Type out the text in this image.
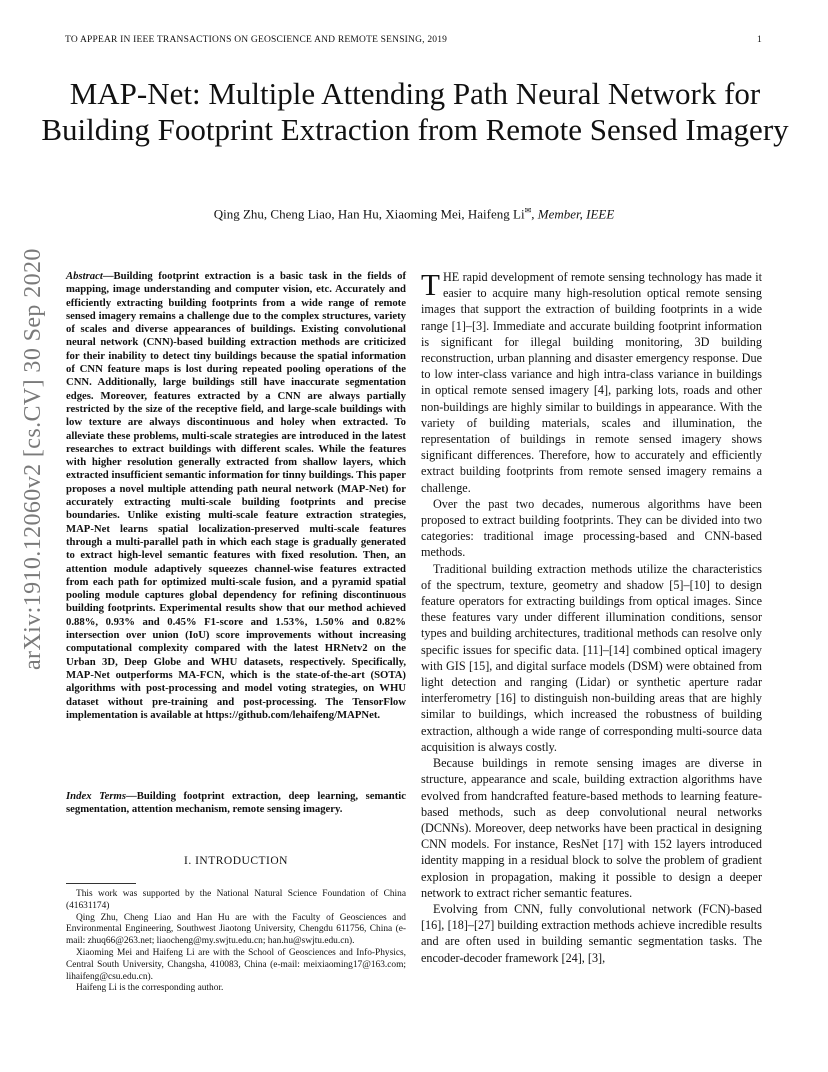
TO APPEAR IN IEEE TRANSACTIONS ON GEOSCIENCE AND REMOTE SENSING, 2019	1
MAP-Net: Multiple Attending Path Neural Network for Building Footprint Extraction from Remote Sensed Imagery
Qing Zhu, Cheng Liao, Han Hu, Xiaoming Mei, Haifeng Li✉, Member, IEEE
arXiv:1910.12060v2 [cs.CV] 30 Sep 2020 Abstract—Building footprint extraction is a basic task in the fields of mapping, image understanding and computer vision, etc. Accurately and efficiently extracting building footprints from a wide range of remote sensed imagery remains a challenge due to the complex structures, variety of scales and diverse appearances of buildings. Existing convolutional neural network (CNN)-based building extraction methods are criticized for their inability to detect tiny buildings because the spatial information of CNN feature maps is lost during repeated pooling operations of the CNN. Additionally, large buildings still have inaccurate segmentation edges. Moreover, features extracted by a CNN are always partially restricted by the size of the receptive field, and large-scale buildings with low texture are always discontinuous and holey when extracted. To alleviate these problems, multi-scale strategies are introduced in the latest researches to extract buildings with different scales. While the features with higher resolution generally extracted from shallow layers, which extracted insufficient semantic information for tinny buildings. This paper proposes a novel multiple attending path neural network (MAP-Net) for accurately extracting multi-scale building footprints and precise boundaries. Unlike existing multi-scale feature extraction strategies, MAP-Net learns spatial localization-preserved multi-scale features through a multi-parallel path in which each stage is gradually generated to extract high-level semantic features with fixed resolution. Then, an attention module adaptively squeezes channel-wise features extracted from each path for optimized multi-scale fusion, and a pyramid spatial pooling module captures global dependency for refining discontinuous building footprints. Experimental results show that our method achieved 0.88%, 0.93% and 0.45% F1-score and 1.53%, 1.50% and 0.82% intersection over union (IoU) score improvements without increasing computational complexity compared with the latest HRNetv2 on the Urban 3D, Deep Globe and WHU datasets, respectively. Specifically, MAP-Net outperforms MA-FCN, which is the state-of-the-art (SOTA) algorithms with post-processing and model voting strategies, on WHU dataset without pre-training and post-processing. The TensorFlow implementation is available at https://github.com/lehaifeng/MAPNet.
Index Terms—Building footprint extraction, deep learning, semantic segmentation, attention mechanism, remote sensing imagery.
I. INTRODUCTION

This work was supported by the National Natural Science Foundation of China (41631174)

Qing Zhu, Cheng Liao and Han Hu are with the Faculty of Geosciences and Environmental Engineering, Southwest Jiaotong University, Chengdu 611756, China (e-mail: zhuq66@263.net; liaocheng@my.swjtu.edu.cn; han.hu@swjtu.edu.cn).

Xiaoming Mei and Haifeng Li are with the School of Geosciences and Info-Physics, Central South University, Changsha, 410083, China (e-mail: meixiaoming17@163.com; lihaifeng@csu.edu.cn).

Haifeng Li is the corresponding author.

THE rapid development of remote sensing technology has made it easier to acquire many high-resolution optical remote sensing images that support the extraction of building footprints in a wide range [1]–[3]. Immediate and accurate building footprint information is significant for illegal building monitoring, 3D building reconstruction, urban planning and disaster emergency response. Due to low inter-class variance and high intra-class variance in buildings in optical remote sensed imagery [4], parking lots, roads and other non-buildings are highly similar to buildings in appearance. With the variety of building materials, scales and illumination, the representation of buildings in remote sensed imagery shows significant differences. Therefore, how to accurately and efficiently extract building footprints from remote sensed imagery remains a challenge.

Over the past two decades, numerous algorithms have been proposed to extract building footprints. They can be divided into two categories: traditional image processing-based and CNN-based methods.

Traditional building extraction methods utilize the characteristics of the spectrum, texture, geometry and shadow [5]–[10] to design feature operators for extracting buildings from optical images. Since these features vary under different illumination conditions, sensor types and building architectures, traditional methods can resolve only specific issues for specific data. [11]–[14] combined optical imagery with GIS [15], and digital surface models (DSM) were obtained from light detection and ranging (Lidar) or synthetic aperture radar interferometry [16] to distinguish non-building areas that are highly similar to buildings, which increased the robustness of building extraction, although a wide range of corresponding multi-source data acquisition is always costly.

Because buildings in remote sensing images are diverse in structure, appearance and scale, building extraction algorithms have evolved from handcrafted feature-based methods to learning feature-based methods, such as deep convolutional neural networks (DCNNs). Moreover, deep networks have been practical in designing CNN models. For instance, ResNet [17] with 152 layers introduced identity mapping in a residual block to solve the problem of gradient explosion in propagation, making it possible to design a deeper network to extract richer semantic features.

Evolving from CNN, fully convolutional network (FCN)-based [16], [18]–[27] building extraction methods achieve incredible results and are often used in building semantic segmentation tasks. The encoder-decoder framework [24], [3],
